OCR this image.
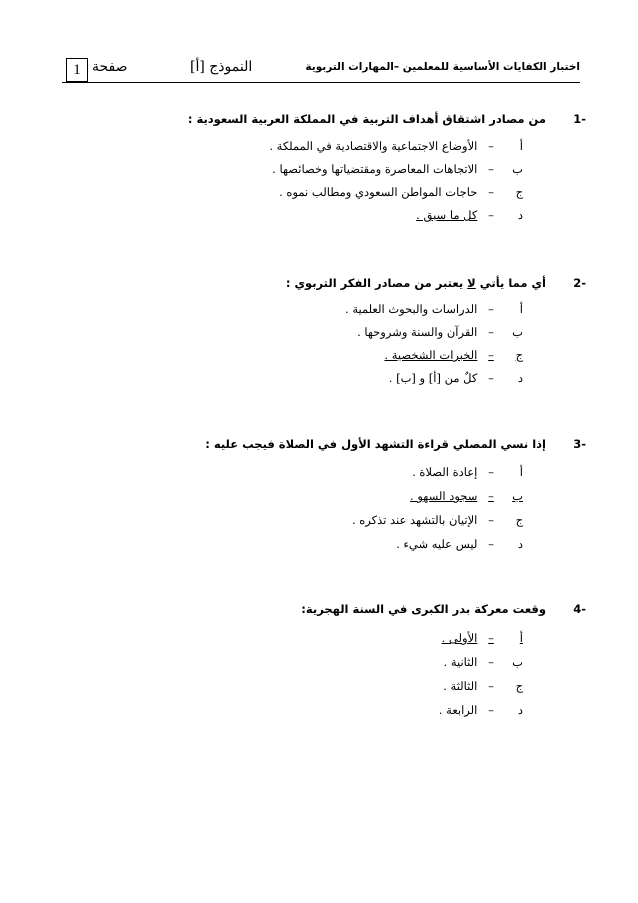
1 صفحة	النموذج [أ]	اختبار الكفايات الأساسية للمعلمين –المهارات التربوية
1-
من مصادر اشتقاق أهداف التربية في المملكة العربية السعودية :
أ– الأوضاع الاجتماعية والاقتصادية في المملكة .
ب– الاتجاهات المعاصرة ومقتضياتها وخصائصها .
ج– حاجات المواطن السعودي ومطالب نموه .
د– كل ما سبق .
2-
أي مما يأتي لا يعتبر من مصادر الفكر التربوي :
أ– الدراسات والبحوث العلمية .
ب– القرآن والسنة وشروحها .
ج– الخبرات الشخصية .
د– كلٌ من [أ] و [ب] .
3-
إذا نسي المصلي قراءة التشهد الأول في الصلاة فيجب عليه :
أ– إعادة الصلاة .
ب– سجود السهو .
ج– الإتيان بالتشهد عند تذكره .
د– ليس عليه شيء .
4-
وقعت معركة بدر الكبرى في السنة الهجرية:
أ– الأولى .
ب– الثانية .
ج– الثالثة .
د– الرابعة .
